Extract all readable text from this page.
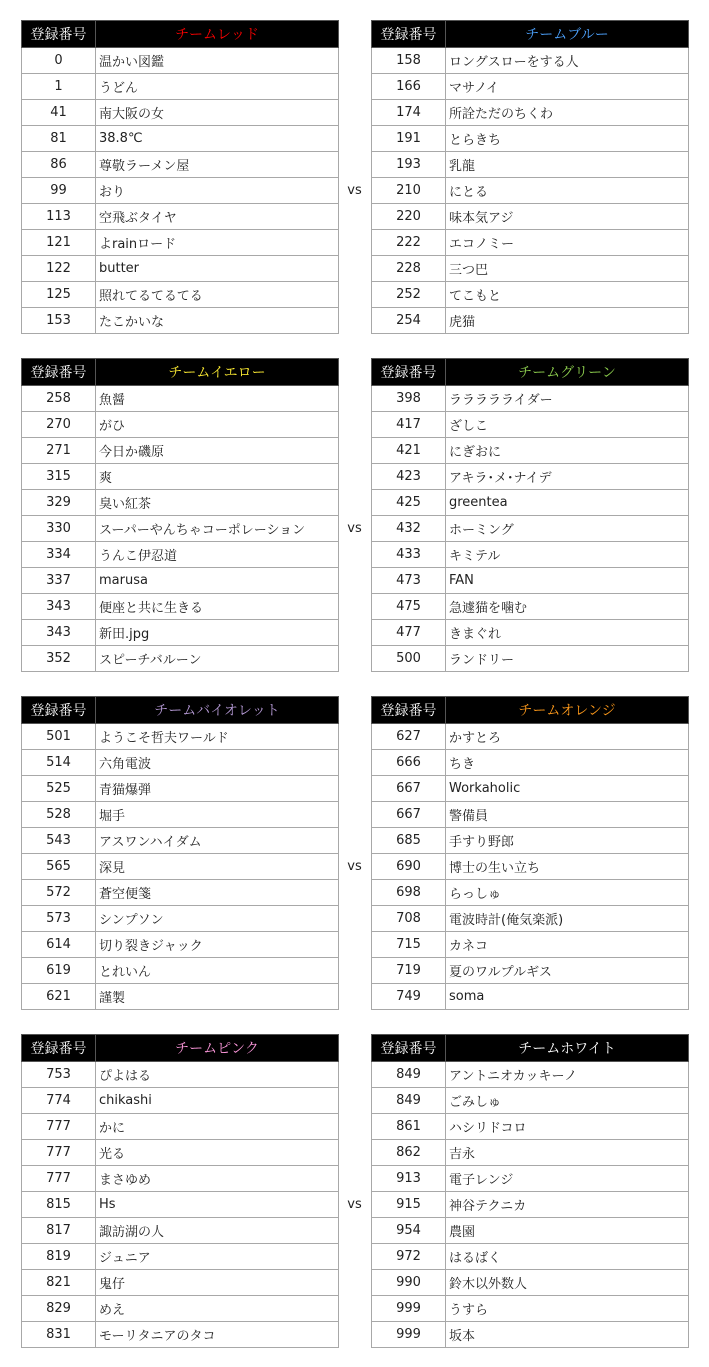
登録番号	チームレッド
0	温かい図鑑
1	うどん
41	南大阪の女
81	38.8℃
86	尊敬ラーメン屋
99	おり
113	空飛ぶタイヤ
121	よrainロード
122	butter
125	照れてるてるてる
153	たこかいな
vs
登録番号	チームブルー
158	ロングスローをする人
166	マサノイ
174	所詮ただのちくわ
191	とらきち
193	乳龍
210	にとる
220	味本気アジ
222	エコノミー
228	三つ巴
252	てこもと
254	虎猫
登録番号	チームイエロー
258	魚醤
270	がひ
271	今日か磯原
315	爽
329	臭い紅茶
330	スーパーやんちゃコーポレーション
334	うんこ伊忍道
337	marusa
343	便座と共に生きる
343	新田.jpg
352	スピーチバルーン
vs
登録番号	チームグリーン
398	ララララライダー
417	ざしこ
421	にぎおに
423	アキラ･メ･ナイデ
425	greentea
432	ホーミング
433	キミテル
473	FAN
475	急遽猫を噛む
477	きまぐれ
500	ランドリー
登録番号	チームバイオレット
501	ようこそ哲夫ワールド
514	六角電波
525	青猫爆弾
528	堀手
543	アスワンハイダム
565	深見
572	蒼空便箋
573	シンプソン
614	切り裂きジャック
619	とれいん
621	謹製
vs
登録番号	チームオレンジ
627	かすとろ
666	ちき
667	Workaholic
667	警備員
685	手すり野郎
690	博士の生い立ち
698	らっしゅ
708	電波時計(俺気楽派)
715	カネコ
719	夏のワルプルギス
749	soma
登録番号	チームピンク
753	ぴよはる
774	chikashi
777	かに
777	光る
777	まさゆめ
815	Hs
817	諏訪湖の人
819	ジュニア
821	鬼仔
829	めえ
831	モーリタニアのタコ
vs
登録番号	チームホワイト
849	アントニオカッキーノ
849	ごみしゅ
861	ハシリドコロ
862	吉永
913	電子レンジ
915	神谷テクニカ
954	農園
972	はるばく
990	鈴木以外数人
999	うすら
999	坂本
